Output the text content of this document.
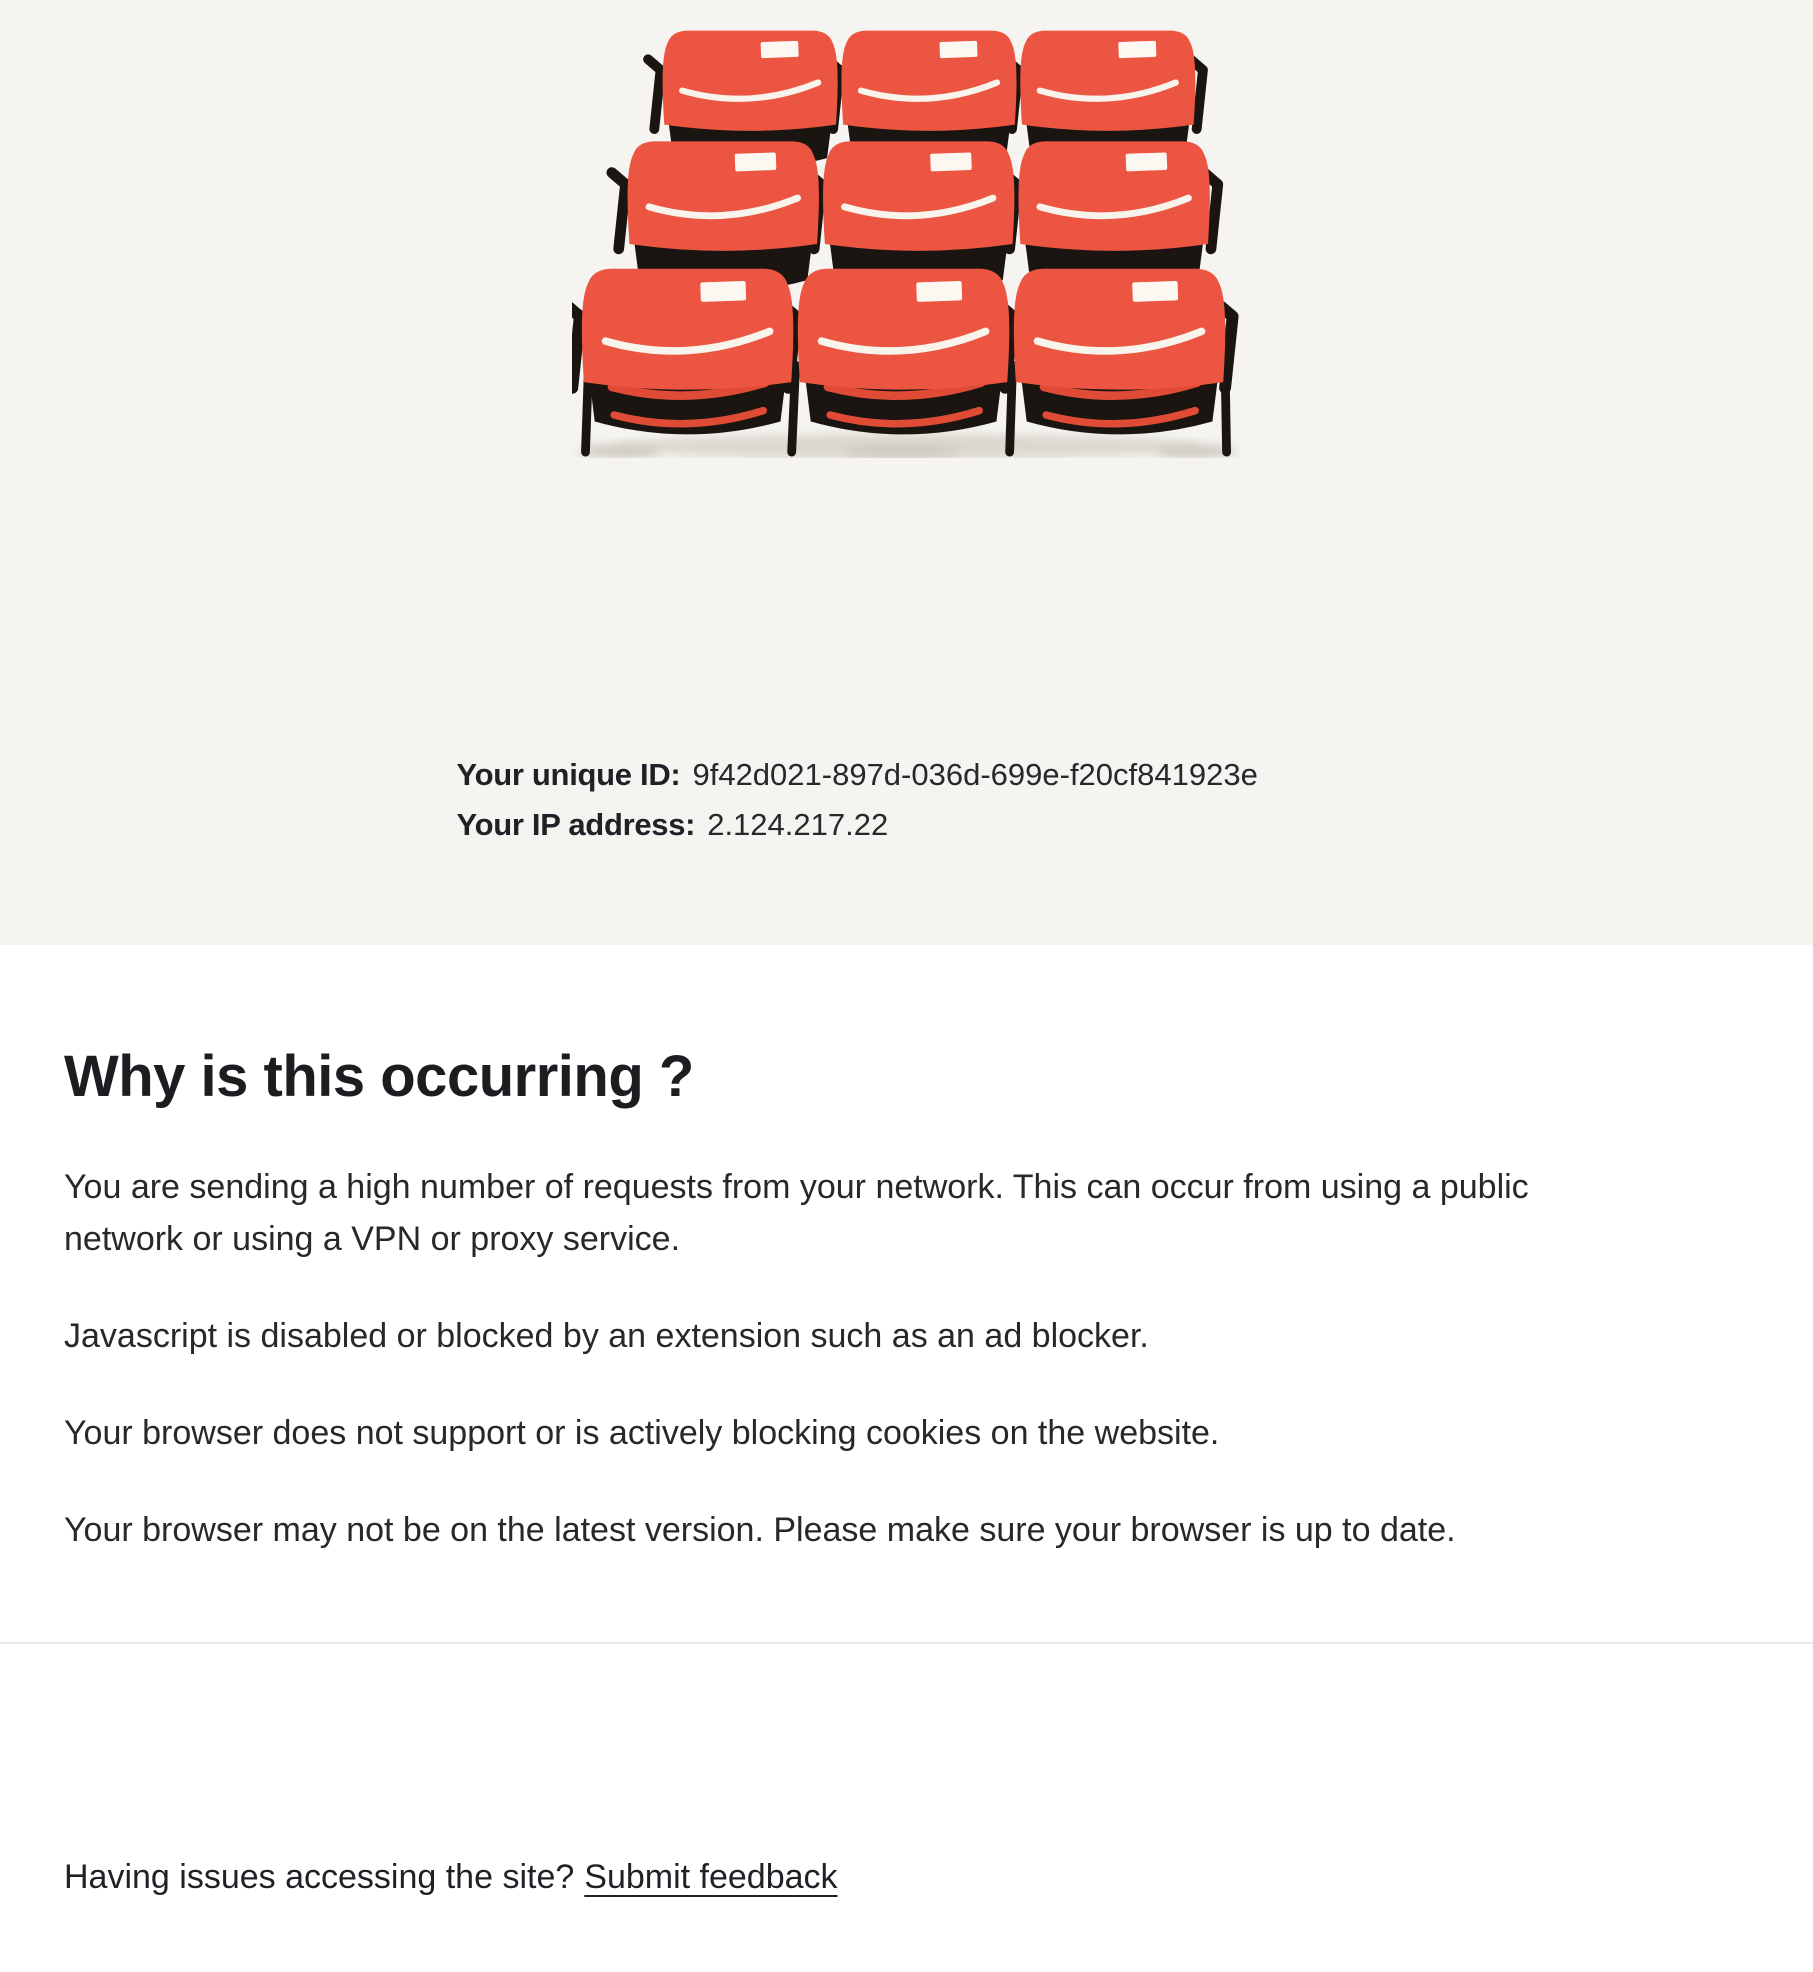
Your unique ID: 9f42d021-897d-036d-699e-f20cf841923e
Your IP address: 2.124.217.22
Why is this occurring ?

You are sending a high number of requests from your network. This can occur from using a public network or using a VPN or proxy service.

Javascript is disabled or blocked by an extension such as an ad blocker.

Your browser does not support or is actively blocking cookies on the website.

Your browser may not be on the latest version. Please make sure your browser is up to date.

Having issues accessing the site? Submit feedback
